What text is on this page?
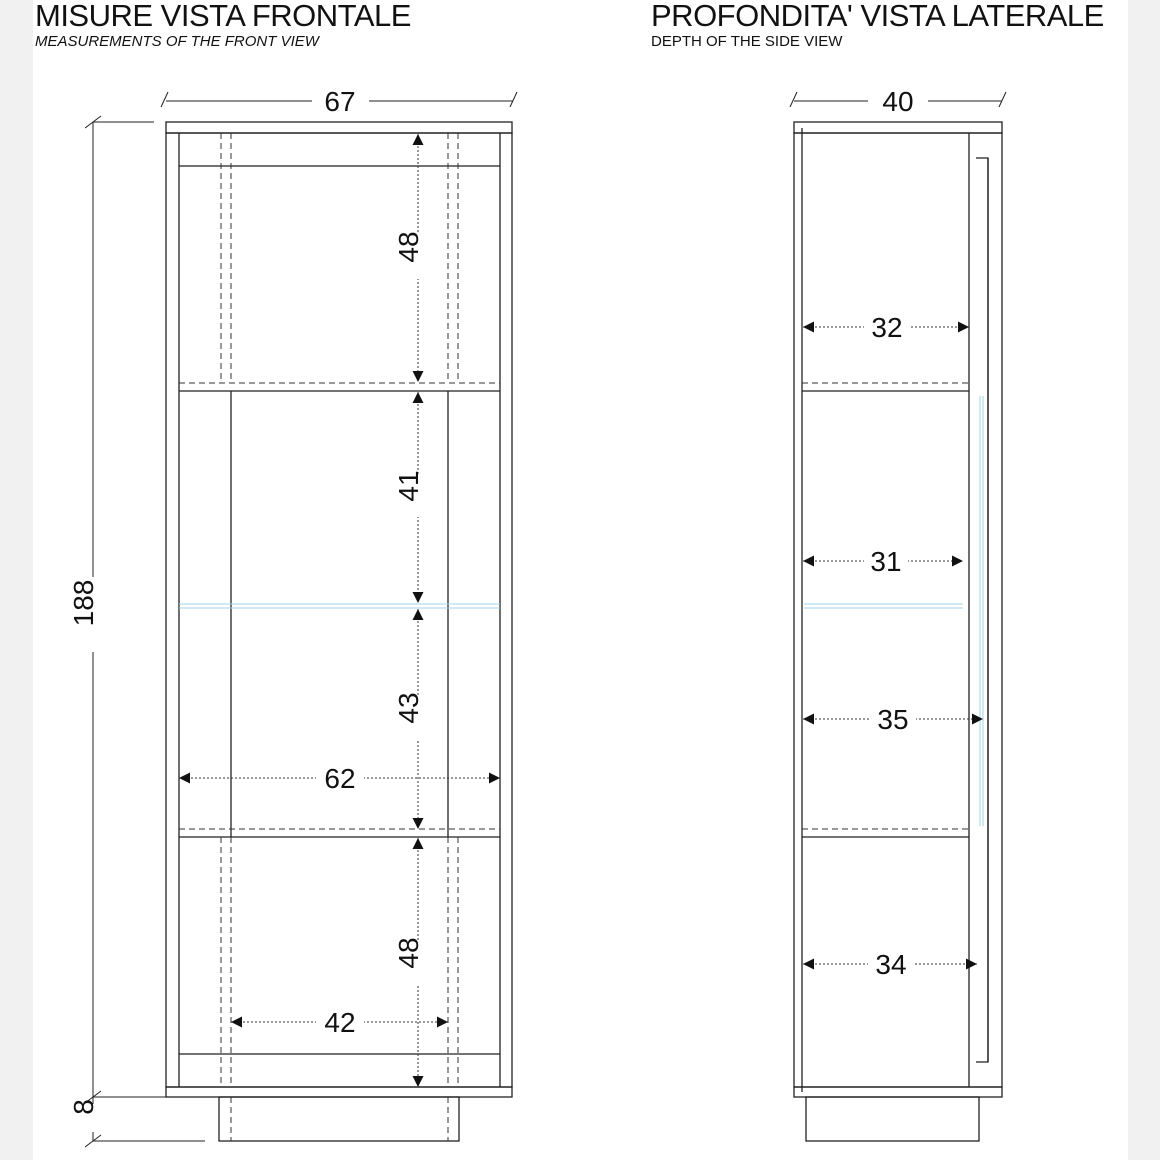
MISURE VISTA FRONTALE
MEASUREMENTS OF THE FRONT VIEW
PROFONDITA' VISTA LATERALE
DEPTH OF THE SIDE VIEW
67
188
8
48
41
43
48
62
42
40
32
31
35
34
